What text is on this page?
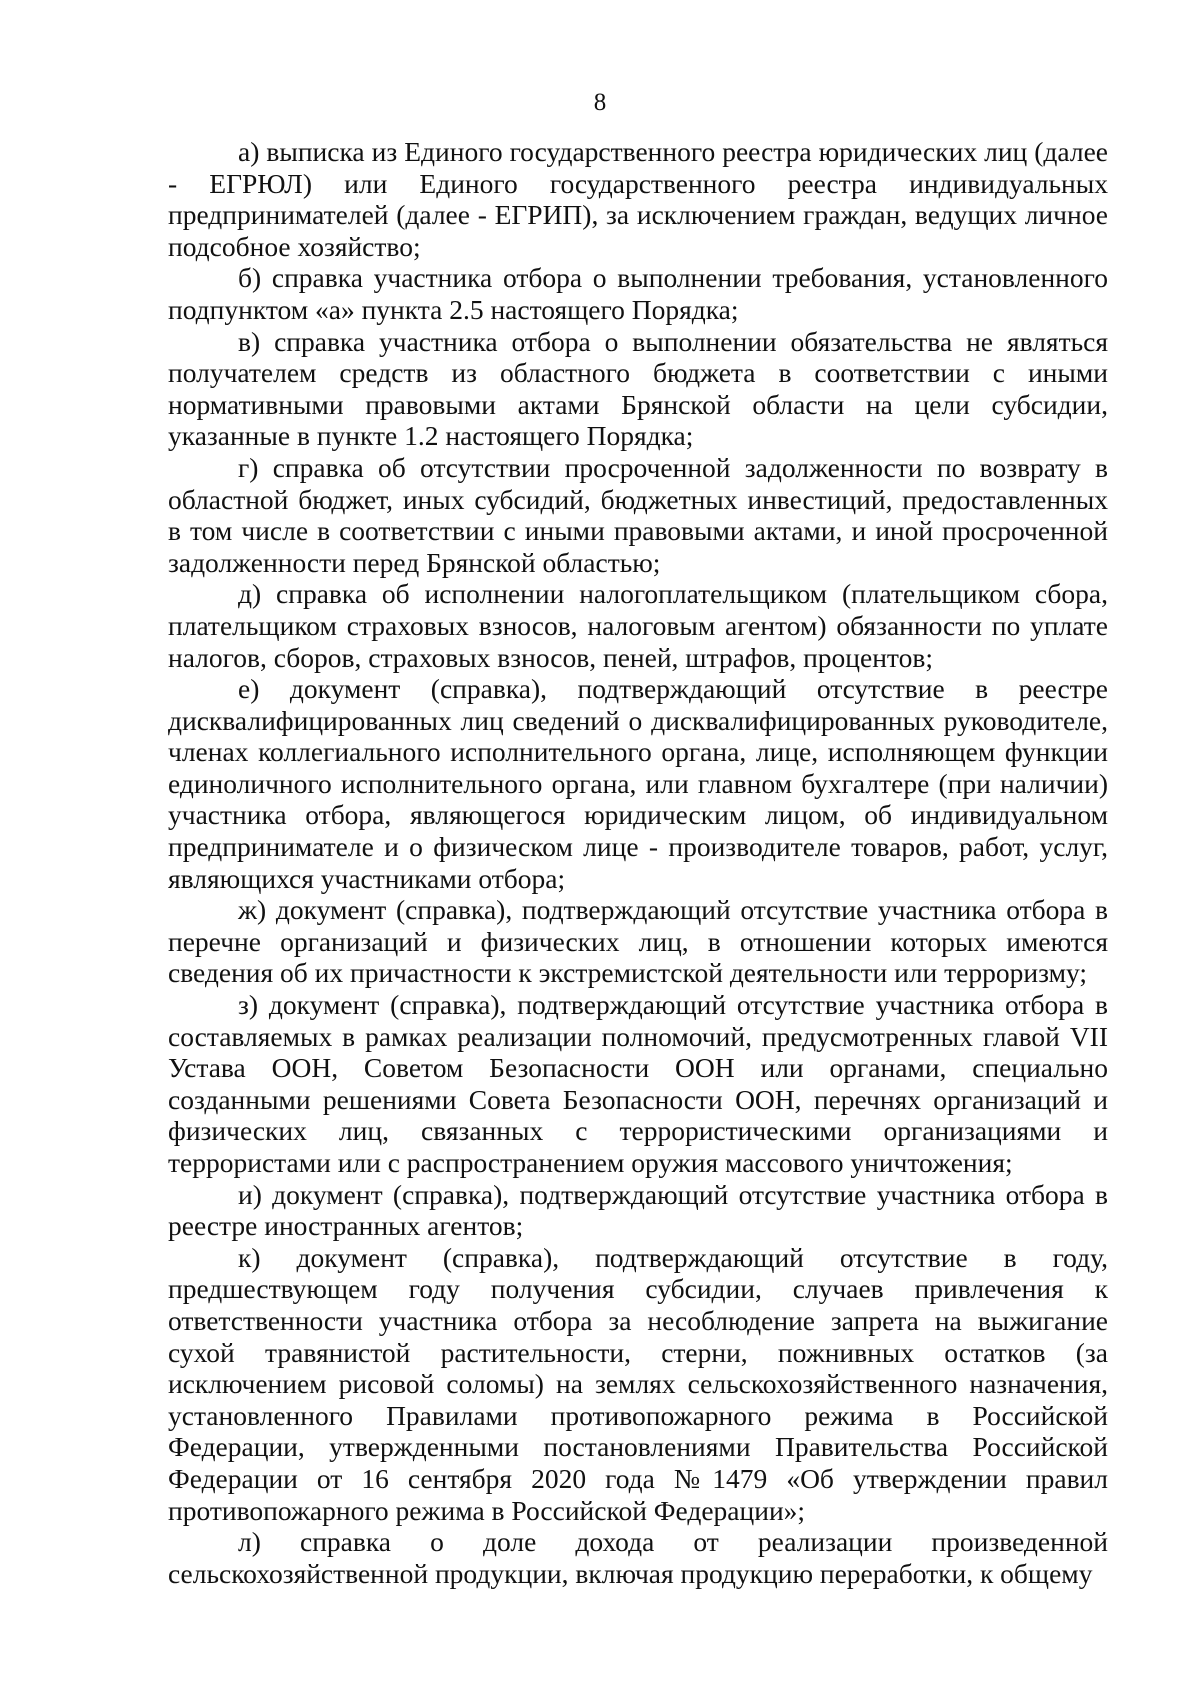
8

а) выписка из Единого государственного реестра юридических лиц (далее - ЕГРЮЛ) или Единого государственного реестра индивидуальных предпринимателей (далее - ЕГРИП), за исключением граждан, ведущих личное подсобное хозяйство;

б) справка участника отбора о выполнении требования, установленного подпунктом «а» пункта 2.5 настоящего Порядка;

в) справка участника отбора о выполнении обязательства не являться получателем средств из областного бюджета в соответствии с иными нормативными правовыми актами Брянской области на цели субсидии, указанные в пункте 1.2 настоящего Порядка;

г) справка об отсутствии просроченной задолженности по возврату в областной бюджет, иных субсидий, бюджетных инвестиций, предоставленных в том числе в соответствии с иными правовыми актами, и иной просроченной задолженности перед Брянской областью;

д) справка об исполнении налогоплательщиком (плательщиком сбора, плательщиком страховых взносов, налоговым агентом) обязанности по уплате налогов, сборов, страховых взносов, пеней, штрафов, процентов;

е) документ (справка), подтверждающий отсутствие в реестре дисквалифицированных лиц сведений о дисквалифицированных руководителе, членах коллегиального исполнительного органа, лице, исполняющем функции единоличного исполнительного органа, или главном бухгалтере (при наличии) участника отбора, являющегося юридическим лицом, об индивидуальном предпринимателе и о физическом лице - производителе товаров, работ, услуг, являющихся участниками отбора;

ж) документ (справка), подтверждающий отсутствие участника отбора в перечне организаций и физических лиц, в отношении которых имеются сведения об их причастности к экстремистской деятельности или терроризму;

з) документ (справка), подтверждающий отсутствие участника отбора в составляемых в рамках реализации полномочий, предусмотренных главой VII Устава ООН, Советом Безопасности ООН или органами, специально созданными решениями Совета Безопасности ООН, перечнях организаций и физических лиц, связанных с террористическими организациями и террористами или с распространением оружия массового уничтожения;

и) документ (справка), подтверждающий отсутствие участника отбора в реестре иностранных агентов;

к) документ (справка), подтверждающий отсутствие в году, предшествующем году получения субсидии, случаев привлечения к ответственности участника отбора за несоблюдение запрета на выжигание сухой травянистой растительности, стерни, пожнивных остатков (за исключением рисовой соломы) на землях сельскохозяйственного назначения, установленного Правилами противопожарного режима в Российской Федерации, утвержденными постановлениями Правительства Российской Федерации от 16 сентября 2020 года №1479 «Об утверждении правил противопожарного режима в Российской Федерации»;

л) справка о доле дохода от реализации произведенной сельскохозяйственной продукции, включая продукцию переработки, к общему
